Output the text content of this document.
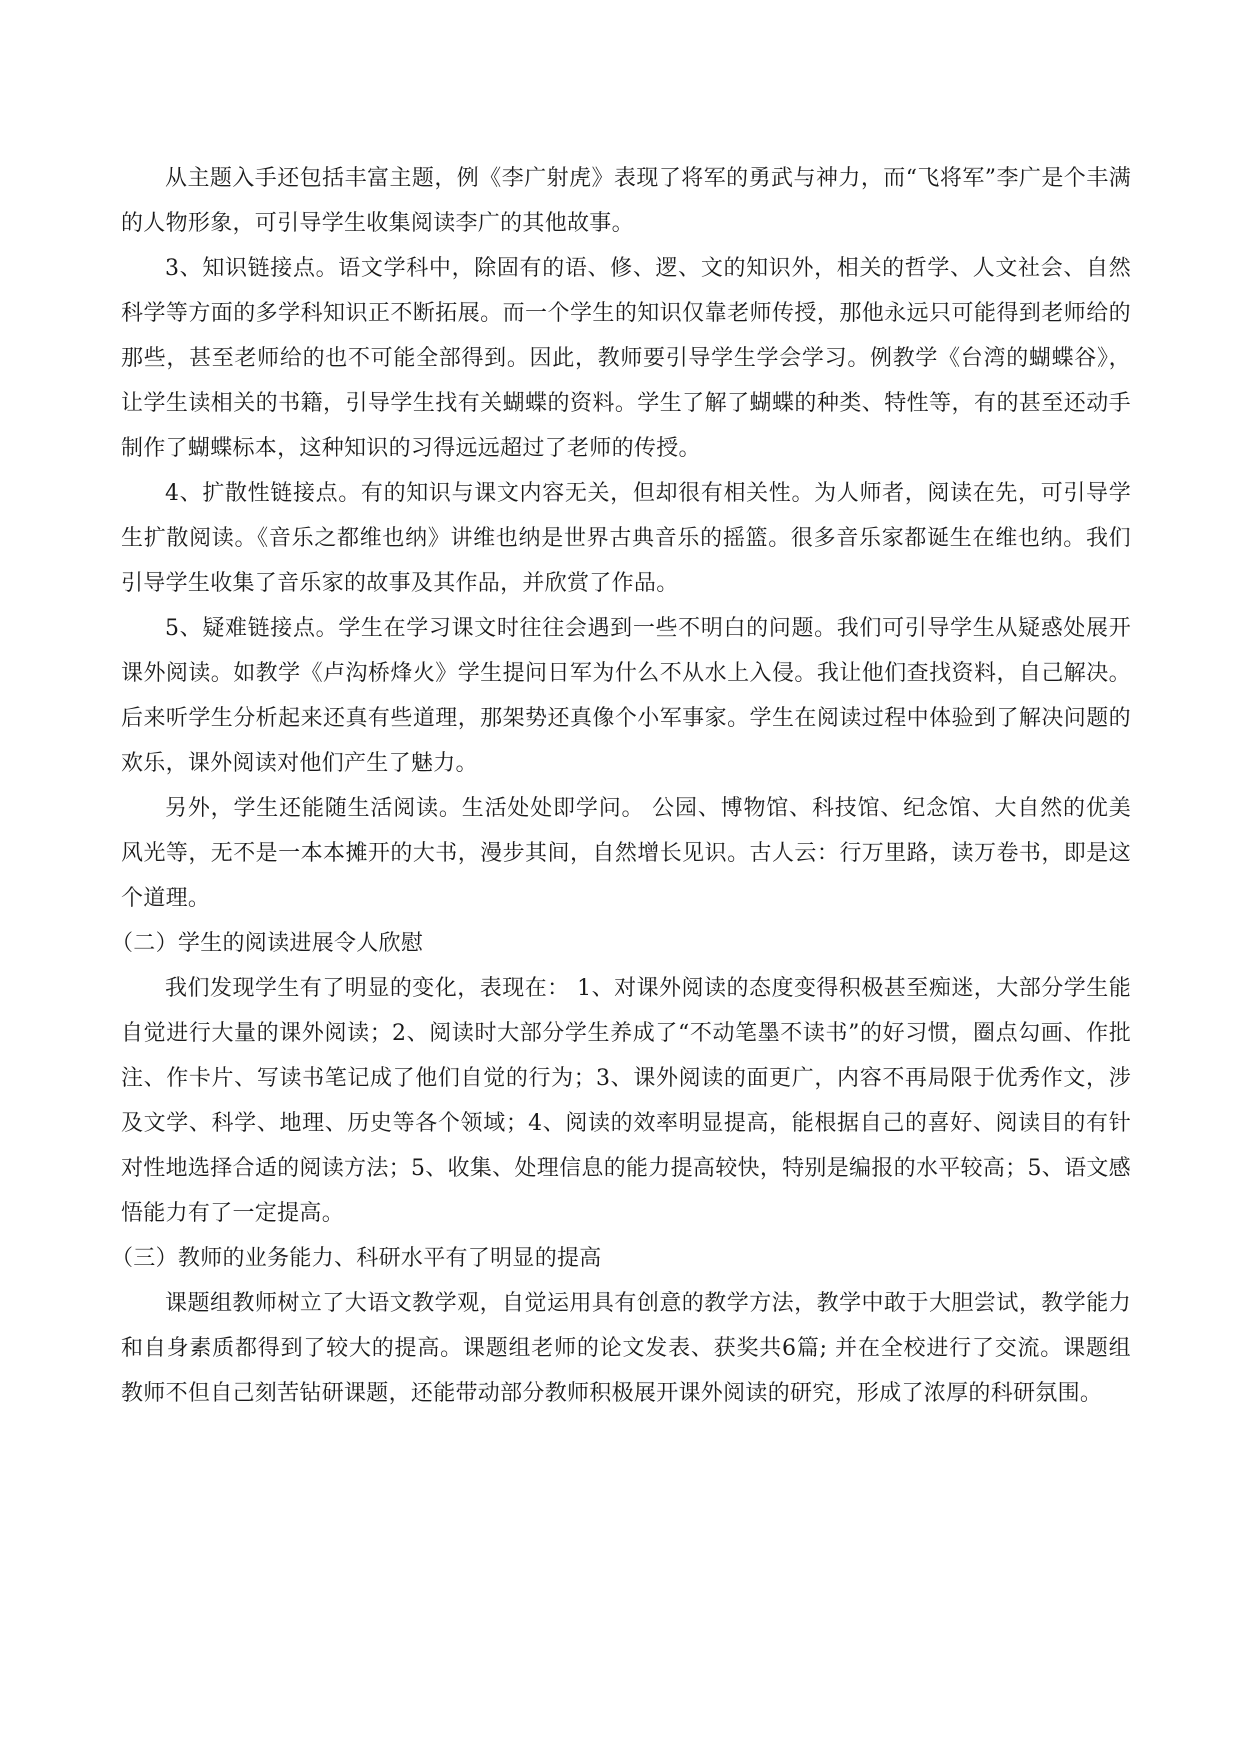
从主题入手还包括丰富主题，例《李广射虎》表现了将军的勇武与神力，而“飞将军”李广是个丰满的人物形象，可引导学生收集阅读李广的其他故事。

3、知识链接点。语文学科中，除固有的语、修、逻、文的知识外，相关的哲学、人文社会、自然科学等方面的多学科知识正不断拓展。而一个学生的知识仅靠老师传授，那他永远只可能得到老师给的那些，甚至老师给的也不可能全部得到。因此，教师要引导学生学会学习。例教学《台湾的蝴蝶谷》，让学生读相关的书籍，引导学生找有关蝴蝶的资料。学生了解了蝴蝶的种类、特性等，有的甚至还动手制作了蝴蝶标本，这种知识的习得远远超过了老师的传授。

4、扩散性链接点。有的知识与课文内容无关，但却很有相关性。为人师者，阅读在先，可引导学生扩散阅读。《音乐之都维也纳》讲维也纳是世界古典音乐的摇篮。很多音乐家都诞生在维也纳。我们引导学生收集了音乐家的故事及其作品，并欣赏了作品。

5、疑难链接点。学生在学习课文时往往会遇到一些不明白的问题。我们可引导学生从疑惑处展开课外阅读。如教学《卢沟桥烽火》学生提问日军为什么不从水上入侵。我让他们查找资料，自己解决。后来听学生分析起来还真有些道理，那架势还真像个小军事家。学生在阅读过程中体验到了解决问题的欢乐，课外阅读对他们产生了魅力。

另外，学生还能随生活阅读。生活处处即学问。 公园、博物馆、科技馆、纪念馆、大自然的优美风光等，无不是一本本摊开的大书，漫步其间，自然增长见识。古人云：行万里路，读万卷书，即是这个道理。

（二）学生的阅读进展令人欣慰

我们发现学生有了明显的变化，表现在： 1、对课外阅读的态度变得积极甚至痴迷，大部分学生能自觉进行大量的课外阅读；2、阅读时大部分学生养成了“不动笔墨不读书”的好习惯，圈点勾画、作批注、作卡片、写读书笔记成了他们自觉的行为；3、课外阅读的面更广，内容不再局限于优秀作文，涉及文学、科学、地理、历史等各个领域；4、阅读的效率明显提高，能根据自己的喜好、阅读目的有针对性地选择合适的阅读方法；5、收集、处理信息的能力提高较快，特别是编报的水平较高；5、语文感悟能力有了一定提高。

（三）教师的业务能力、科研水平有了明显的提高

课题组教师树立了大语文教学观，自觉运用具有创意的教学方法，教学中敢于大胆尝试，教学能力和自身素质都得到了较大的提高。课题组老师的论文发表、获奖共6篇; 并在全校进行了交流。课题组教师不但自己刻苦钻研课题，还能带动部分教师积极展开课外阅读的研究，形成了浓厚的科研氛围。
